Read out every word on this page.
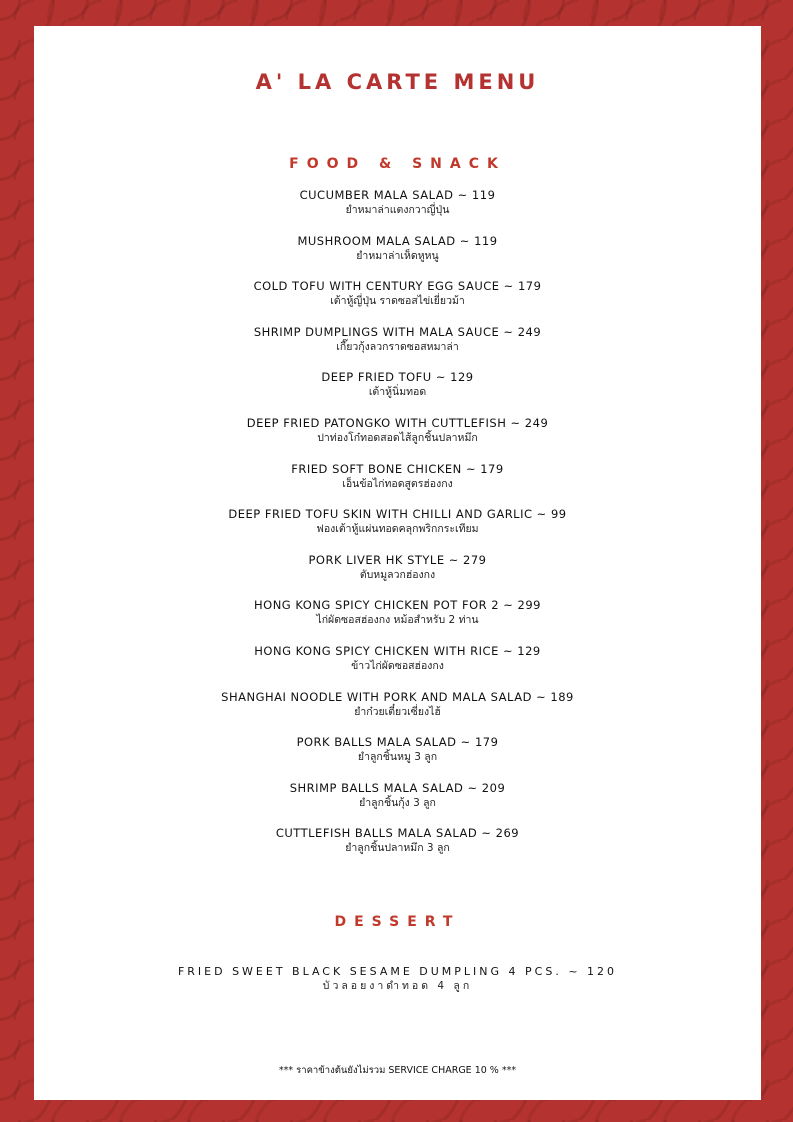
A' LA CARTE MENU
FOOD & SNACK
CUCUMBER MALA SALAD ~ 119
ยำหมาล่าแตงกวาญี่ปุ่น
MUSHROOM MALA SALAD ~ 119
ยำหมาล่าเห็ดหูหนู
COLD TOFU WITH CENTURY EGG SAUCE ~ 179
เต้าหู้ญี่ปุ่น ราดซอสไข่เยี่ยวม้า
SHRIMP DUMPLINGS WITH MALA SAUCE ~ 249
เกี๊ยวกุ้งลวกราดซอสหมาล่า
DEEP FRIED TOFU ~ 129
เต้าหู้นิ่มทอด
DEEP FRIED PATONGKO WITH CUTTLEFISH ~ 249
ปาท่องโก๋ทอดสอดไส้ลูกชิ้นปลาหมึก
FRIED SOFT BONE CHICKEN ~ 179
เอ็นข้อไก่ทอดสูตรฮ่องกง
DEEP FRIED TOFU SKIN WITH CHILLI AND GARLIC ~ 99
ฟองเต้าหู้แผ่นทอดคลุกพริกกระเทียม
PORK LIVER HK STYLE ~ 279
ตับหมูลวกฮ่องกง
HONG KONG SPICY CHICKEN POT FOR 2 ~ 299
ไก่ผัดซอสฮ่องกง หม้อสำหรับ 2 ท่าน
HONG KONG SPICY CHICKEN WITH RICE ~ 129
ข้าวไก่ผัดซอสฮ่องกง
SHANGHAI NOODLE WITH PORK AND MALA SALAD ~ 189
ยำก๋วยเตี๋ยวเซี่ยงไฮ้
PORK BALLS MALA SALAD ~ 179
ยำลูกชิ้นหมู 3 ลูก
SHRIMP BALLS MALA SALAD ~ 209
ยำลูกชิ้นกุ้ง 3 ลูก
CUTTLEFISH BALLS MALA SALAD ~ 269
ยำลูกชิ้นปลาหมึก 3 ลูก
DESSERT
FRIED SWEET BLACK SESAME DUMPLING 4 PCS. ~ 120
บัวลอยงาดำทอด 4 ลูก
*** ราคาข้างต้นยังไม่รวม SERVICE CHARGE 10 % ***
